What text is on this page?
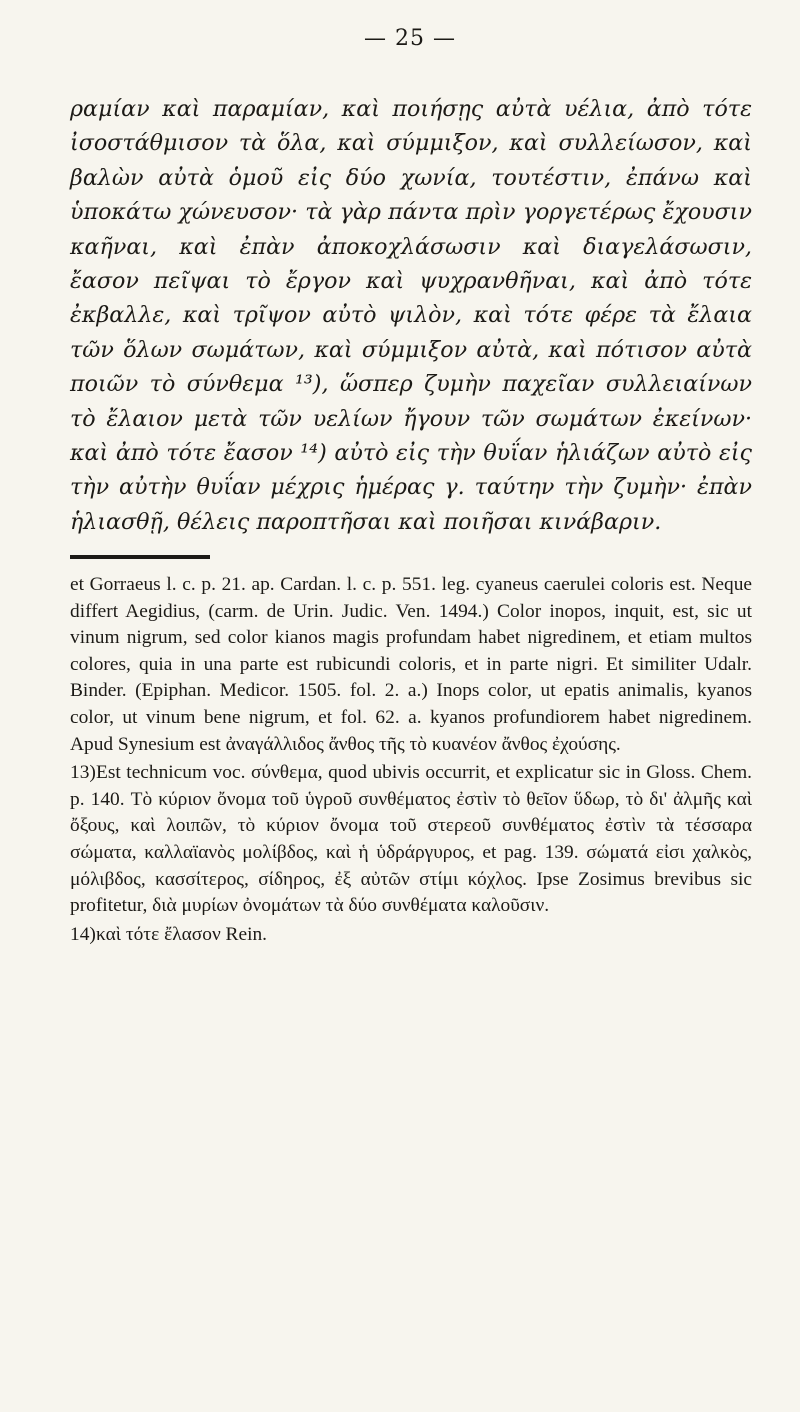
— 25 —

ραμίαν καὶ παραμίαν, καὶ ποιήσῃς αὐτὰ υέλια, ἀπὸ τότε ἰσοστάθμισον τὰ ὅλα, καὶ σύμμιξον, καὶ συλλείωσον, καὶ βαλὼν αὐτὰ ὁμοῦ εἰς δύο χωνία, τουτέστιν, ἐπάνω καὶ ὑποκάτω χώνευσον· τὰ γὰρ πάντα πρὶν γοργετέρως ἔχουσιν καῆναι, καὶ ἐπὰν ἀποκοχλάσωσιν καὶ διαγελάσωσιν, ἔασον πεῖψαι τὸ ἔργον καὶ ψυχρανθῆναι, καὶ ἀπὸ τότε ἐκβαλλε, καὶ τρῖψον αὐτὸ ψιλὸν, καὶ τότε φέρε τὰ ἔλαια τῶν ὅλων σωμάτων, καὶ σύμμιξον αὐτὰ, καὶ πότισον αὐτὰ ποιῶν τὸ σύνθεμα ¹³), ὥσπερ ζυμὴν παχεῖαν συλλειαίνων τὸ ἔλαιον μετὰ τῶν υελίων ἤγουν τῶν σωμάτων ἐκείνων· καὶ ἀπὸ τότε ἔασον ¹⁴) αὐτὸ εἰς τὴν θυΐαν ἡλιάζων αὐτὸ εἰς τὴν αὐτὴν θυΐαν μέχρις ἡμέρας γ. ταύτην τὴν ζυμὴν· ἐπὰν ἡλιασθῇ, θέλεις παροπτῆσαι καὶ ποιῆσαι κινάβαριν.

et Gorraeus l. c. p. 21. ap. Cardan. l. c. p. 551. leg. cyaneus caerulei coloris est. Neque differt Aegidius, (carm. de Urin. Judic. Ven. 1494.) Color inopos, inquit, est, sic ut vinum nigrum, sed color kianos magis profundam habet nigredinem, et etiam multos colores, quia in una parte est rubicundi coloris, et in parte nigri. Et similiter Udalr. Binder. (Epiphan. Medicor. 1505. fol. 2. a.) Inops color, ut epatis animalis, kyanos color, ut vinum bene nigrum, et fol. 62. a. kyanos profundiorem habet nigredinem. Apud Synesium est ἀναγάλλιδος ἄνθος τῆς τὸ κυανέον ἄνθος ἐχούσης.

13)Est technicum voc. σύνθεμα, quod ubivis occurrit, et explicatur sic in Gloss. Chem. p. 140. Τὸ κύριον ὄνομα τοῦ ὑγροῦ συνθέματος ἐστὶν τὸ θεῖον ὕδωρ, τὸ δι' ἀλμῆς καὶ ὄξους, καὶ λοιπῶν, τὸ κύριον ὄνομα τοῦ στερεοῦ συνθέματος ἐστὶν τὰ τέσσαρα σώματα, καλλαϊανὸς μολίβδος, καὶ ἡ ὑδράργυρος, et pag. 139. σώματά εἰσι χαλκὸς, μόλιβδος, κασσίτερος, σίδηρος, ἐξ αὐτῶν στίμι κόχλος. Ipse Zosimus brevibus sic profitetur, διὰ μυρίων ὀνομάτων τὰ δύο συνθέματα καλοῦσιν.

14)καὶ τότε ἔλασον Rein.
